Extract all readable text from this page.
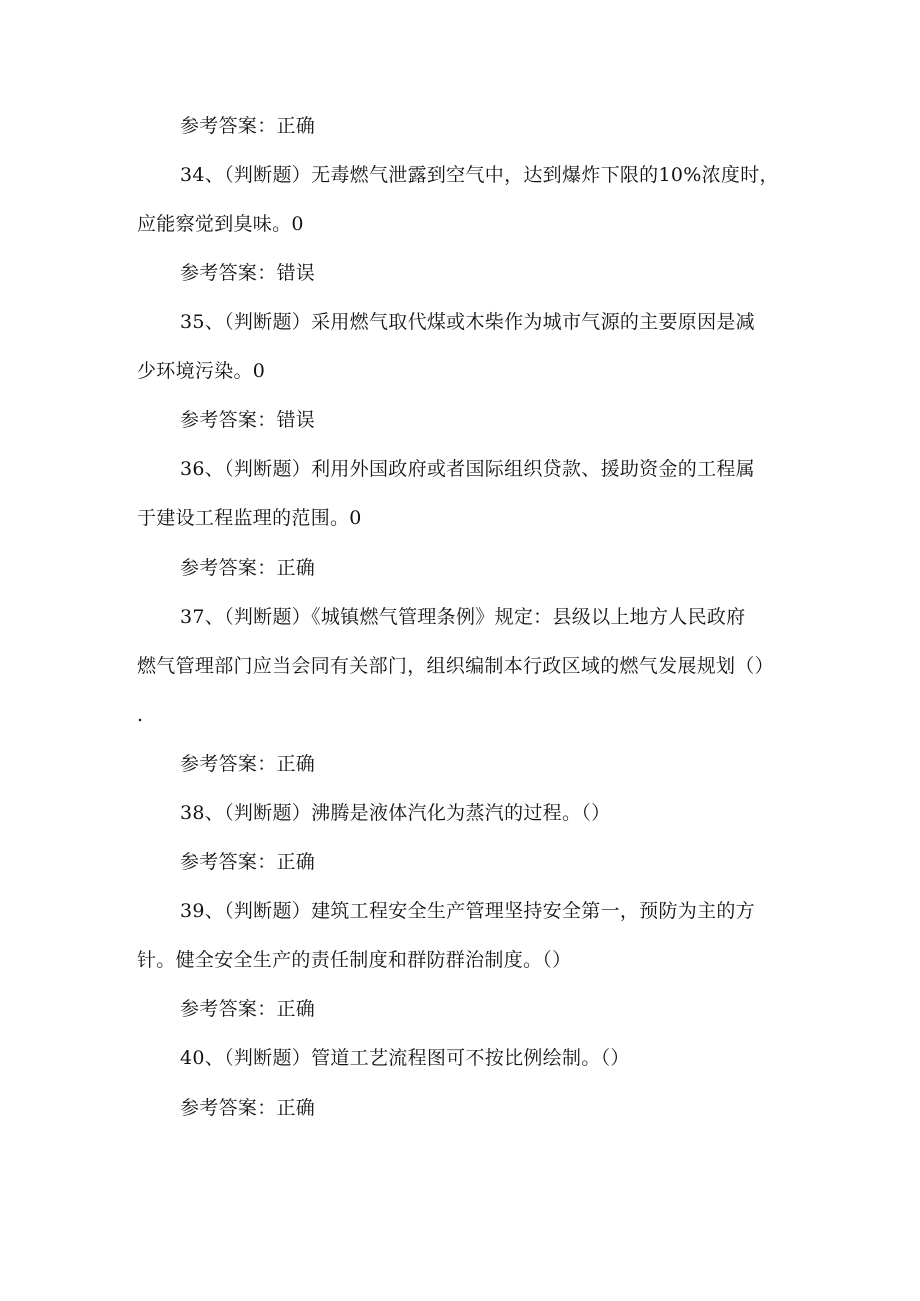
参考答案：正确
34、（判断题）无毒燃气泄露到空气中，达到爆炸下限的10%浓度时，
应能察觉到臭味。0
参考答案：错误
35、（判断题）采用燃气取代煤或木柴作为城市气源的主要原因是减
少环境污染。0
参考答案：错误
36、（判断题）利用外国政府或者国际组织贷款、援助资金的工程属
于建设工程监理的范围。0
参考答案：正确
37、（判断题）《城镇燃气管理条例》规定：县级以上地方人民政府
燃气管理部门应当会同有关部门，组织编制本行政区域的燃气发展规划（）
.
参考答案：正确
38、（判断题）沸腾是液体汽化为蒸汽的过程。（）
参考答案：正确
39、（判断题）建筑工程安全生产管理坚持安全第一，预防为主的方
针。健全安全生产的责任制度和群防群治制度。（）
参考答案：正确
40、（判断题）管道工艺流程图可不按比例绘制。（）
参考答案：正确
